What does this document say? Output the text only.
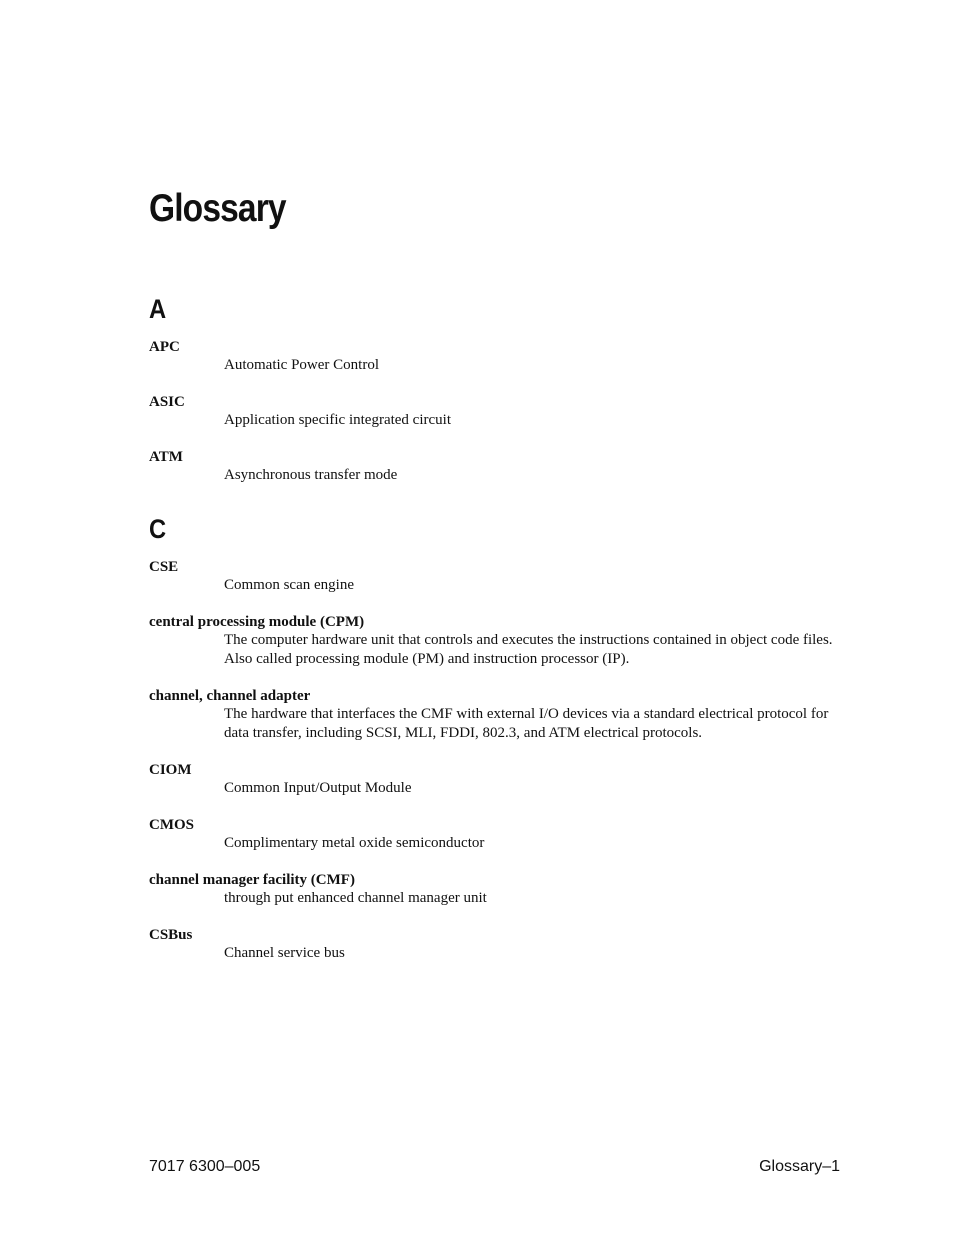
Glossary
A
APC
Automatic Power Control
ASIC
Application specific integrated circuit
ATM
Asynchronous transfer mode
C
CSE
Common scan engine
central processing module (CPM)
The computer hardware unit that controls and executes the instructions contained in object code files. Also called processing module (PM) and instruction processor (IP).
channel, channel adapter
The hardware that interfaces the CMF with external I/O devices via a standard electrical protocol for data transfer, including SCSI, MLI, FDDI, 802.3, and ATM electrical protocols.
CIOM
Common Input/Output Module
CMOS
Complimentary metal oxide semiconductor
channel manager facility (CMF)
through put enhanced channel manager unit
CSBus
Channel service bus
7017 6300–005	Glossary–1
